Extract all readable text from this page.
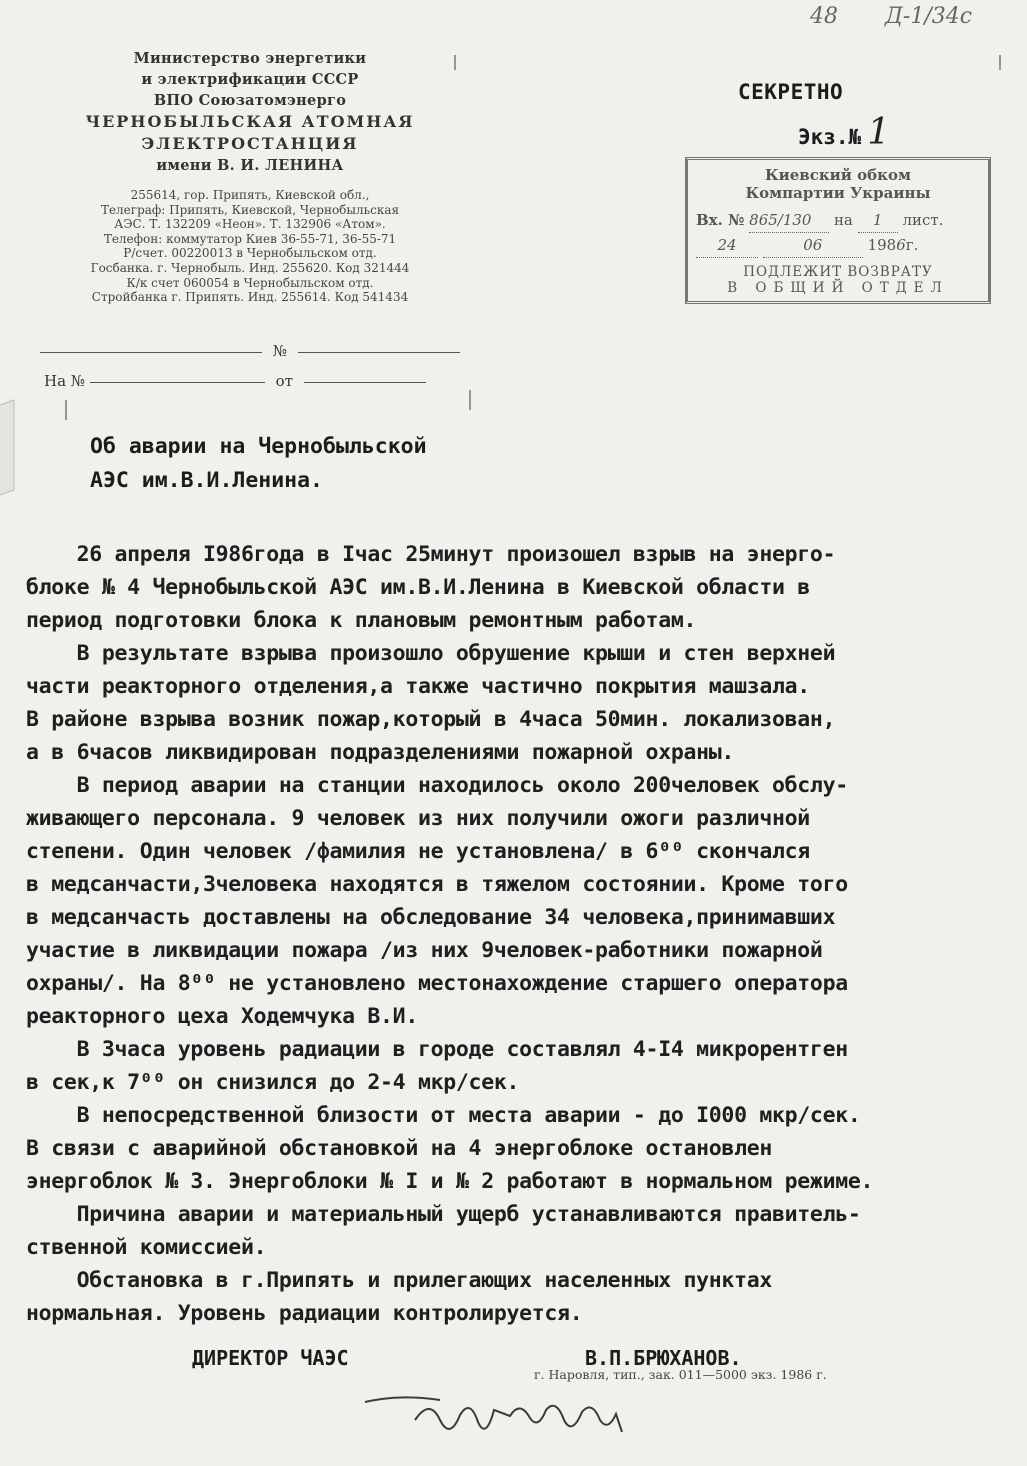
48 Д-1/34с
Министерство энергетики
и электрификации СССР
ВПО Союзатомэнерго
ЧЕРНОБЫЛЬСКАЯ АТОМНАЯ
ЭЛЕКТРОСТАНЦИЯ
имени В. И. ЛЕНИНА
255614, гор. Припять, Киевской обл.,
Телеграф: Припять, Киевской, Чернобыльская
АЭС. Т. 132209 «Неон». Т. 132906 «Атом».
Телефон: коммутатор Киев 36-55-71, 36-55-71
Р/счет. 00220013 в Чернобыльском отд.
Госбанка. г. Чернобыль. Инд. 255620. Код 321444
К/к счет 060054 в Чернобыльском отд.
Стройбанка г. Припять. Инд. 255614. Код 541434
№
На №	от
СЕКРЕТНО
Экз.№ 1
Киевский обком
Компартии Украины
Вх. № 865/130 на 1 лист.
24	06	1986г.
ПОДЛЕЖИТ ВОЗВРАТУ
В ОБЩИЙ ОТДЕЛ
Об аварии на Чернобыльской
АЭС им.В.И.Ленина.
26 апреля I986года в Iчас 25минут произошел взрыв на энерго-
блоке № 4 Чернобыльской АЭС им.В.И.Ленина в Киевской области в
период подготовки блока к плановым ремонтным работам.
В результате взрыва произошло обрушение крыши и стен верхней
части реакторного отделения,а также частично покрытия машзала.
В районе взрыва возник пожар,который в 4часа 50мин. локализован,
а в 6часов ликвидирован подразделениями пожарной охраны.
В период аварии на станции находилось около 200человек обслу-
живающего персонала. 9 человек из них получили ожоги различной
степени. Один человек /фамилия не установлена/ в 6⁰⁰ скончался
в медсанчасти,3человека находятся в тяжелом состоянии. Кроме того
в медсанчасть доставлены на обследование 34 человека,принимавших
участие в ликвидации пожара /из них 9человек-работники пожарной
охраны/. На 8⁰⁰ не установлено местонахождение старшего оператора
реакторного цеха Ходемчука В.И.
В 3часа уровень радиации в городе составлял 4-I4 микрорентген
в сек,к 7⁰⁰ он снизился до 2-4 мкр/сек.
В непосредственной близости от места аварии - до I000 мкр/сек.
В связи с аварийной обстановкой на 4 энергоблоке остановлен
энергоблок № 3. Энергоблоки № I и № 2 работают в нормальном режиме.
Причина аварии и материальный ущерб устанавливаются правитель-
ственной комиссией.
Обстановка в г.Припять и прилегающих населенных пунктах
нормальная. Уровень радиации контролируется.
ДИРЕКТОР ЧАЭС	В.П.БРЮХАНОВ.
г. Наровля, тип., зак. 011—5000 экз. 1986 г.
